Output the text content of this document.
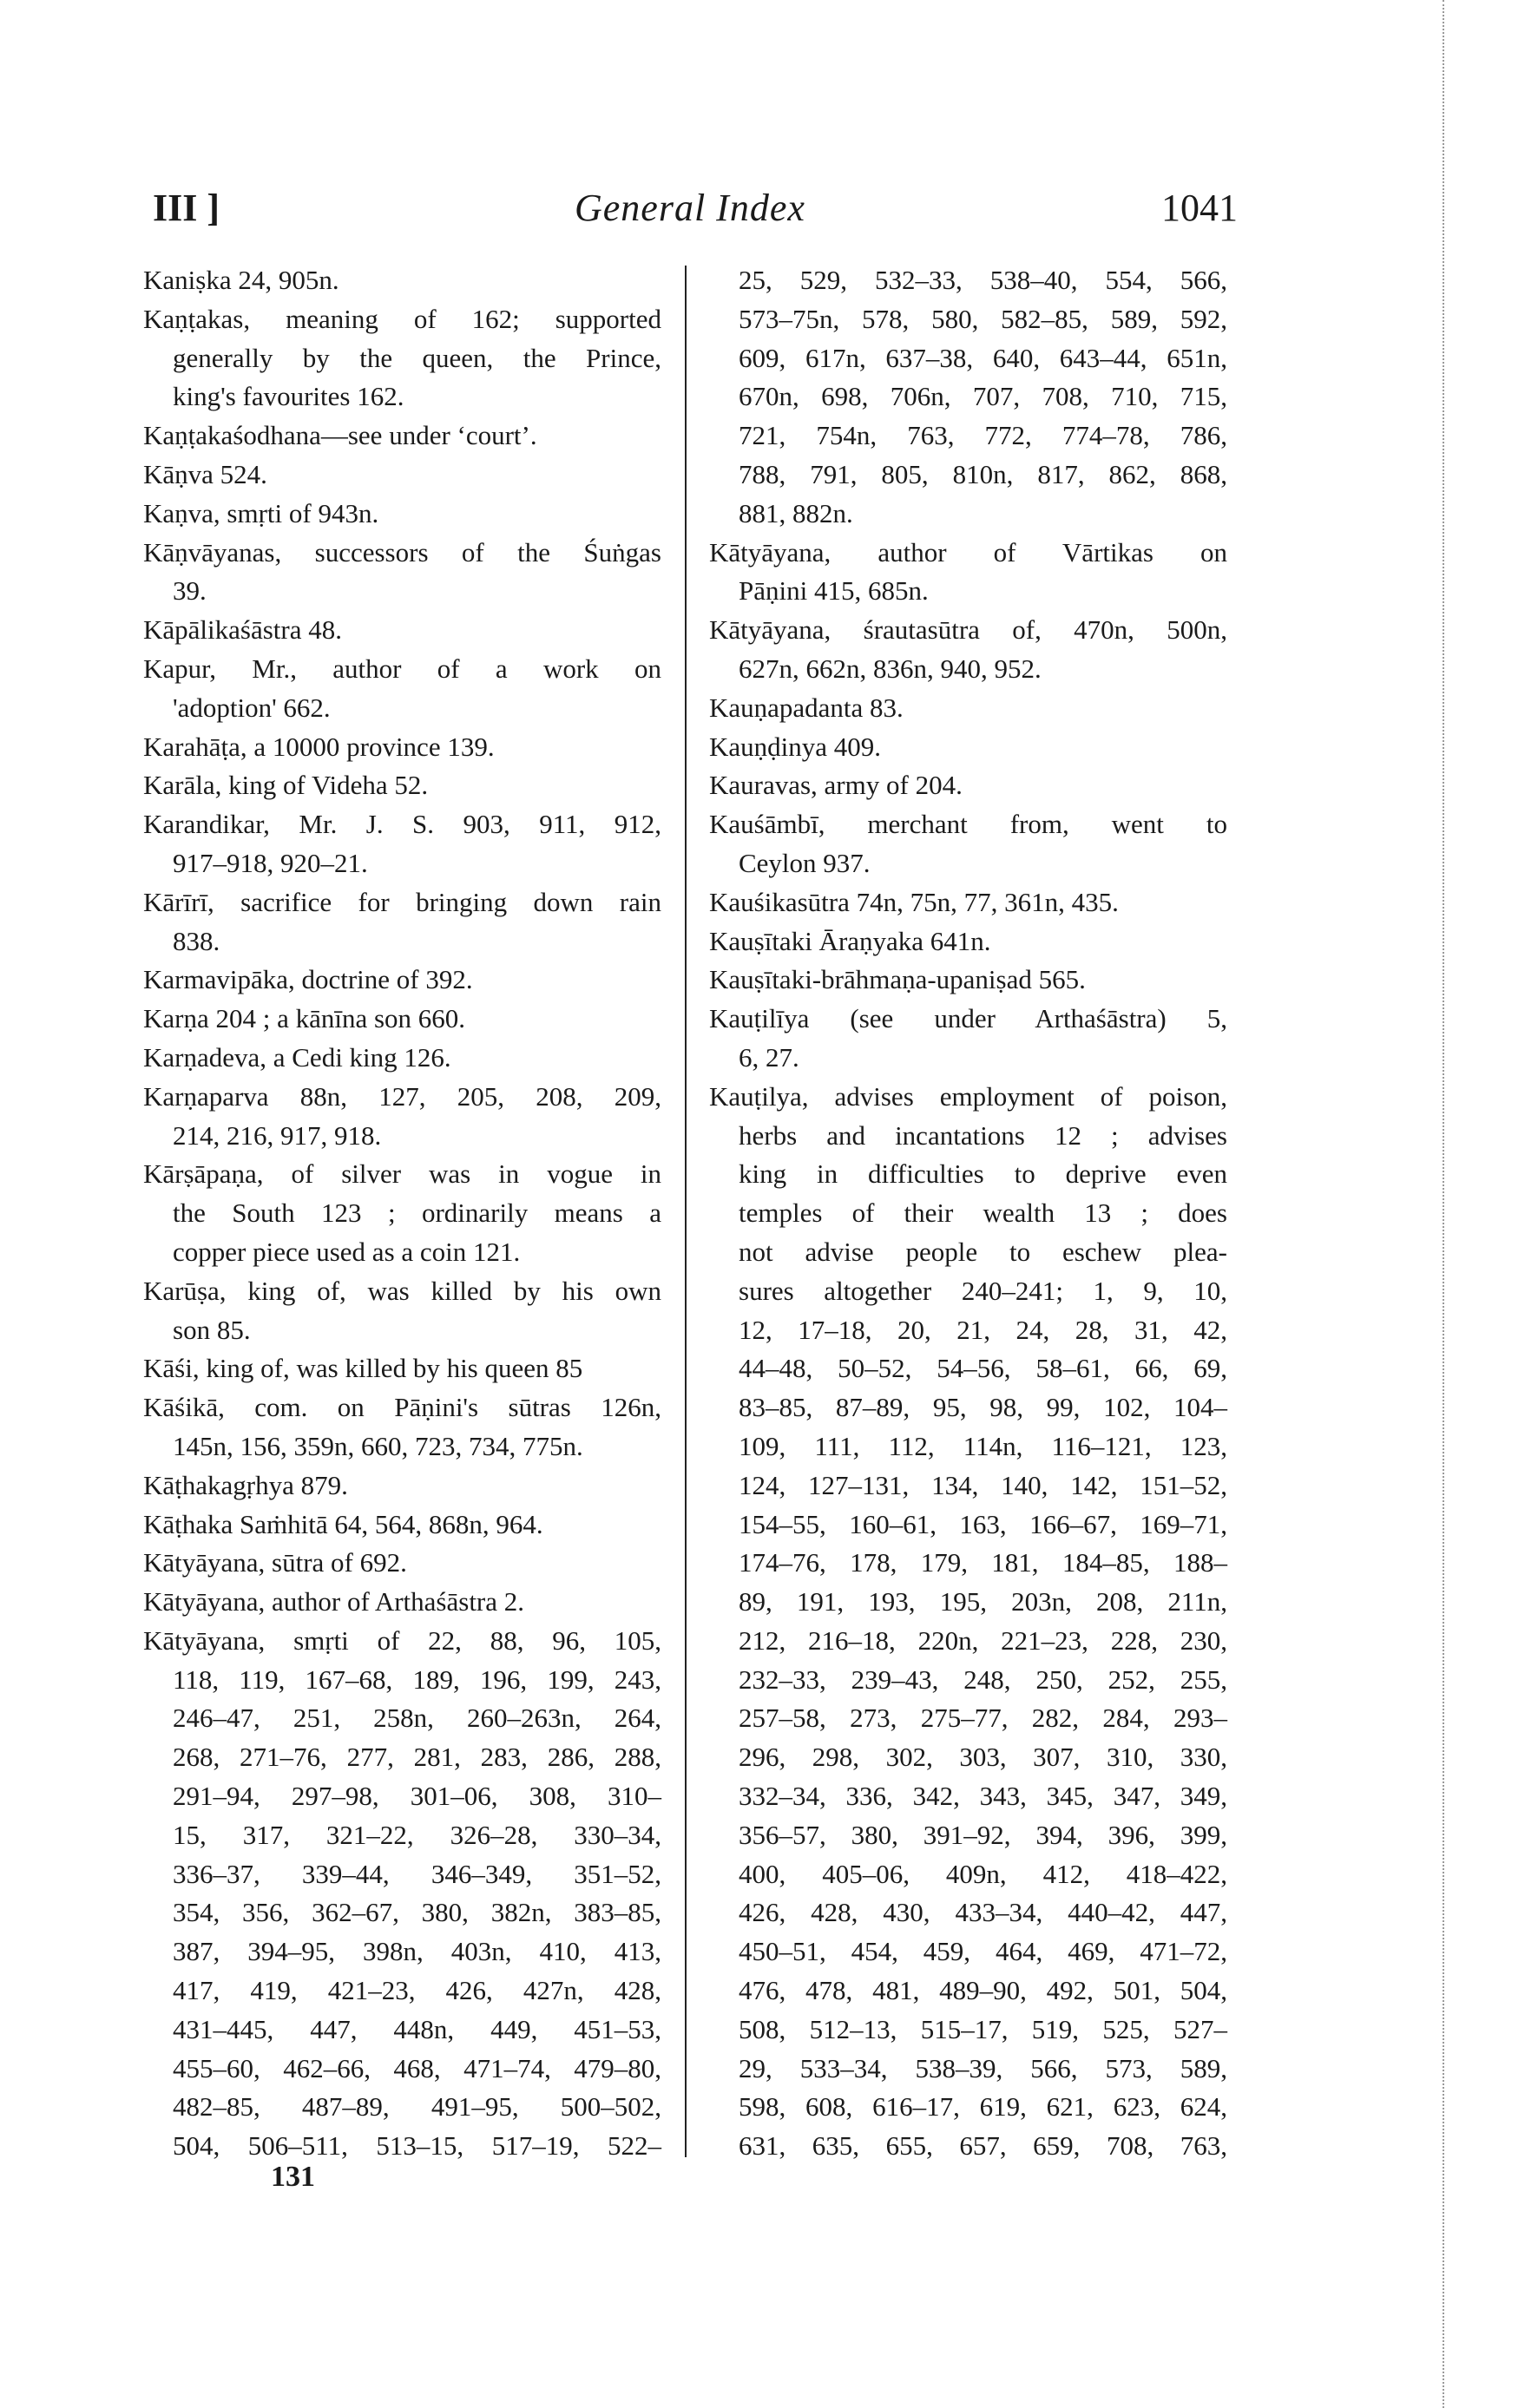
III ]	General Index	1041
Kaniṣka 24, 905n.
Kaṇṭakas, meaning of 162; supported
generally by the queen, the Prince,
king's favourites 162.
Kaṇṭakaśodhana—see under ‘court’.
Kāṇva 524.
Kaṇva, smṛti of 943n.
Kāṇvāyanas, successors of the Śuṅgas
39.
Kāpālikaśāstra 48.
Kapur, Mr., author of a work on
'adoption' 662.
Karahāṭa, a 10000 province 139.
Karāla, king of Videha 52.
Karandikar, Mr. J. S. 903, 911, 912,
917–918, 920–21.
Kārīrī, sacrifice for bringing down rain
838.
Karmavipāka, doctrine of 392.
Karṇa 204 ; a kānīna son 660.
Karṇadeva, a Cedi king 126.
Karṇaparva 88n, 127, 205, 208, 209,
214, 216, 917, 918.
Kārṣāpaṇa, of silver was in vogue in
the South 123 ; ordinarily means a
copper piece used as a coin 121.
Karūṣa, king of, was killed by his own
son 85.
Kāśi, king of, was killed by his queen 85
Kāśikā, com. on Pāṇini's sūtras 126n,
145n, 156, 359n, 660, 723, 734, 775n.
Kāṭhakagṛhya 879.
Kāṭhaka Saṁhitā 64, 564, 868n, 964.
Kātyāyana, sūtra of 692.
Kātyāyana, author of Arthaśāstra 2.
Kātyāyana, smṛti of 22, 88, 96, 105,
118, 119, 167–68, 189, 196, 199, 243,
246–47, 251, 258n, 260–263n, 264,
268, 271–76, 277, 281, 283, 286, 288,
291–94, 297–98, 301–06, 308, 310–
15, 317, 321–22, 326–28, 330–34,
336–37, 339–44, 346–349, 351–52,
354, 356, 362–67, 380, 382n, 383–85,
387, 394–95, 398n, 403n, 410, 413,
417, 419, 421–23, 426, 427n, 428,
431–445, 447, 448n, 449, 451–53,
455–60, 462–66, 468, 471–74, 479–80,
482–85, 487–89, 491–95, 500–502,
504, 506–511, 513–15, 517–19, 522–
25, 529, 532–33, 538–40, 554, 566,
573–75n, 578, 580, 582–85, 589, 592,
609, 617n, 637–38, 640, 643–44, 651n,
670n, 698, 706n, 707, 708, 710, 715,
721, 754n, 763, 772, 774–78, 786,
788, 791, 805, 810n, 817, 862, 868,
881, 882n.
Kātyāyana, author of Vārtikas on
Pāṇini 415, 685n.
Kātyāyana, śrautasūtra of, 470n, 500n,
627n, 662n, 836n, 940, 952.
Kauṇapadanta 83.
Kauṇḍinya 409.
Kauravas, army of 204.
Kauśāmbī, merchant from, went to
Ceylon 937.
Kauśikasūtra 74n, 75n, 77, 361n, 435.
Kauṣītaki Āraṇyaka 641n.
Kauṣītaki-brāhmaṇa-upaniṣad 565.
Kauṭilīya (see under Arthaśāstra) 5,
6, 27.
Kauṭilya, advises employment of poison,
herbs and incantations 12 ; advises
king in difficulties to deprive even
temples of their wealth 13 ; does
not advise people to eschew plea-
sures altogether 240–241; 1, 9, 10,
12, 17–18, 20, 21, 24, 28, 31, 42,
44–48, 50–52, 54–56, 58–61, 66, 69,
83–85, 87–89, 95, 98, 99, 102, 104–
109, 111, 112, 114n, 116–121, 123,
124, 127–131, 134, 140, 142, 151–52,
154–55, 160–61, 163, 166–67, 169–71,
174–76, 178, 179, 181, 184–85, 188–
89, 191, 193, 195, 203n, 208, 211n,
212, 216–18, 220n, 221–23, 228, 230,
232–33, 239–43, 248, 250, 252, 255,
257–58, 273, 275–77, 282, 284, 293–
296, 298, 302, 303, 307, 310, 330,
332–34, 336, 342, 343, 345, 347, 349,
356–57, 380, 391–92, 394, 396, 399,
400, 405–06, 409n, 412, 418–422,
426, 428, 430, 433–34, 440–42, 447,
450–51, 454, 459, 464, 469, 471–72,
476, 478, 481, 489–90, 492, 501, 504,
508, 512–13, 515–17, 519, 525, 527–
29, 533–34, 538–39, 566, 573, 589,
598, 608, 616–17, 619, 621, 623, 624,
631, 635, 655, 657, 659, 708, 763,
131
